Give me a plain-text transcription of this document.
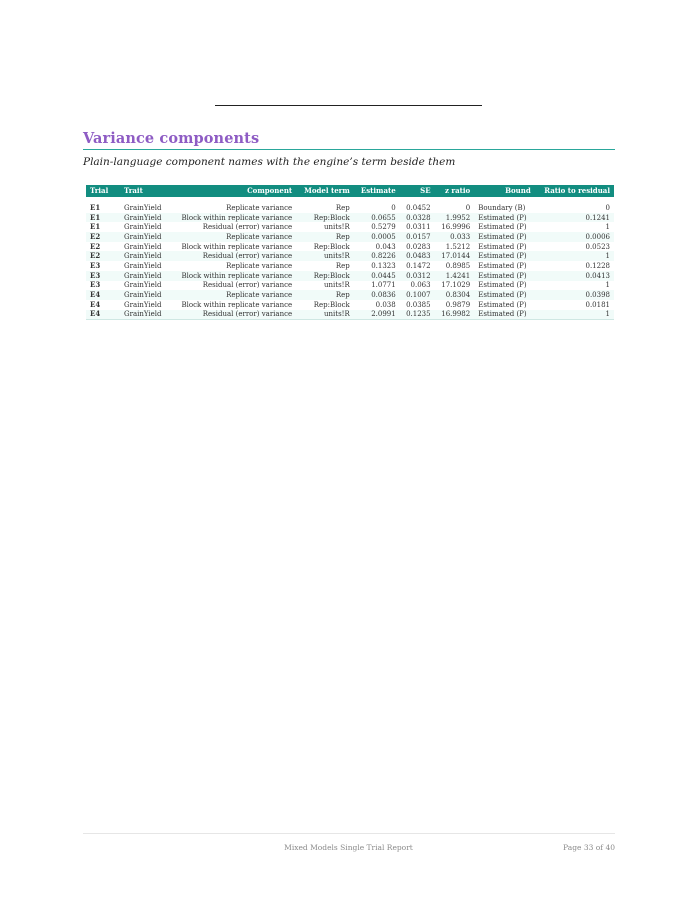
Variance components
Plain-language component names with the engine’s term beside them
Trial	Trait	Component	Model term	Estimate	SE	z ratio	Bound	Ratio to residual
E1	GrainYield	Replicate variance	Rep	0	0.0452	0	Boundary (B)	0
E1	GrainYield	Block within replicate variance	Rep:Block	0.0655	0.0328	1.9952	Estimated (P)	0.1241
E1	GrainYield	Residual (error) variance	units!R	0.5279	0.0311	16.9996	Estimated (P)	1
E2	GrainYield	Replicate variance	Rep	0.0005	0.0157	0.033	Estimated (P)	0.0006
E2	GrainYield	Block within replicate variance	Rep:Block	0.043	0.0283	1.5212	Estimated (P)	0.0523
E2	GrainYield	Residual (error) variance	units!R	0.8226	0.0483	17.0144	Estimated (P)	1
E3	GrainYield	Replicate variance	Rep	0.1323	0.1472	0.8985	Estimated (P)	0.1228
E3	GrainYield	Block within replicate variance	Rep:Block	0.0445	0.0312	1.4241	Estimated (P)	0.0413
E3	GrainYield	Residual (error) variance	units!R	1.0771	0.063	17.1029	Estimated (P)	1
E4	GrainYield	Replicate variance	Rep	0.0836	0.1007	0.8304	Estimated (P)	0.0398
E4	GrainYield	Block within replicate variance	Rep:Block	0.038	0.0385	0.9879	Estimated (P)	0.0181
E4	GrainYield	Residual (error) variance	units!R	2.0991	0.1235	16.9982	Estimated (P)	1
Mixed Models Single Trial Report	Page 33 of 40
